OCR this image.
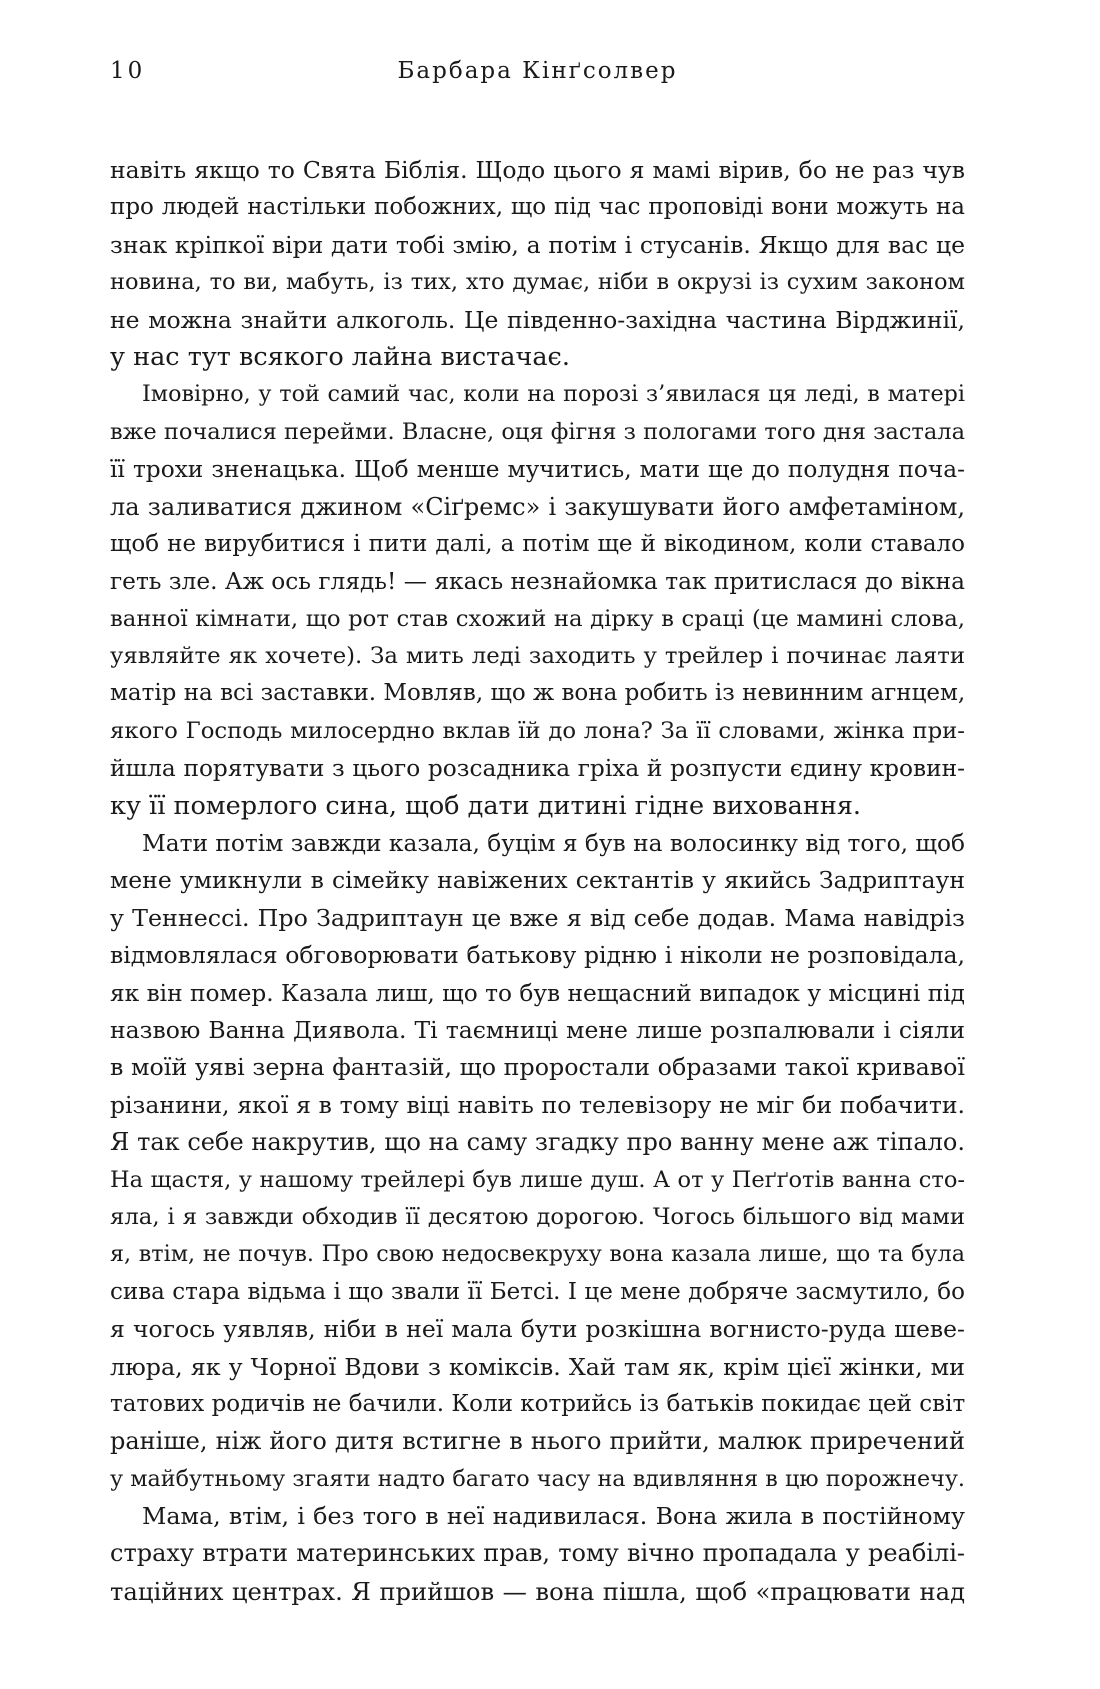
10	Барбара Кінґсолвер
навіть якщо то Свята Біблія. Щодо цього я мамі вірив, бо не раз чув
про людей настільки побожних, що під час проповіді вони можуть на
знак кріпкої віри дати тобі змію, а потім і стусанів. Якщо для вас це
новина, то ви, мабуть, із тих, хто думає, ніби в окрузі із сухим законом
не можна знайти алкоголь. Це південно-західна частина Вірджинії,
у нас тут всякого лайна вистачає.
Імовірно, у той самий час, коли на порозі з’явилася ця леді, в матері
вже почалися перейми. Власне, оця фігня з пологами того дня застала
її трохи зненацька. Щоб менше мучитись, мати ще до полудня поча-
ла заливатися джином «Сіґремс» і закушувати його амфетаміном,
щоб не вирубитися і пити далі, а потім ще й вікодином, коли ставало
геть зле. Аж ось глядь! — якась незнайомка так притислася до вікна
ванної кімнати, що рот став схожий на дірку в сраці (це мамині слова,
уявляйте як хочете). За мить леді заходить у трейлер і починає лаяти
матір на всі заставки. Мовляв, що ж вона робить із невинним агнцем,
якого Господь милосердно вклав їй до лона? За її словами, жінка при-
йшла порятувати з цього розсадника гріха й розпусти єдину кровин-
ку її померлого сина, щоб дати дитині гідне виховання.
Мати потім завжди казала, буцім я був на волосинку від того, щоб
мене умикнули в сімейку навіжених сектантів у якийсь Задриптаун
у Теннессі. Про Задриптаун це вже я від себе додав. Мама навідріз
відмовлялася обговорювати батькову рідню і ніколи не розповідала,
як він помер. Казала лиш, що то був нещасний випадок у місцині під
назвою Ванна Диявола. Ті таємниці мене лише розпалювали і сіяли
в моїй уяві зерна фантазій, що проростали образами такої кривавої
різанини, якої я в тому віці навіть по телевізору не міг би побачити.
Я так себе накрутив, що на саму згадку про ванну мене аж тіпало.
На щастя, у нашому трейлері був лише душ. А от у Пеґґотів ванна сто-
яла, і я завжди обходив її десятою дорогою. Чогось більшого від мами
я, втім, не почув. Про свою недосвекруху вона казала лише, що та була
сива стара відьма і що звали її Бетсі. І це мене добряче засмутило, бо
я чогось уявляв, ніби в неї мала бути розкішна вогнисто-руда шеве-
люра, як у Чорної Вдови з коміксів. Хай там як, крім цієї жінки, ми
татових родичів не бачили. Коли котрийсь із батьків покидає цей світ
раніше, ніж його дитя встигне в нього прийти, малюк приречений
у майбутньому згаяти надто багато часу на вдивляння в цю порожнечу.
Мама, втім, і без того в неї надивилася. Вона жила в постійному
страху втрати материнських прав, тому вічно пропадала у реабілі-
таційних центрах. Я прийшов — вона пішла, щоб «працювати над
